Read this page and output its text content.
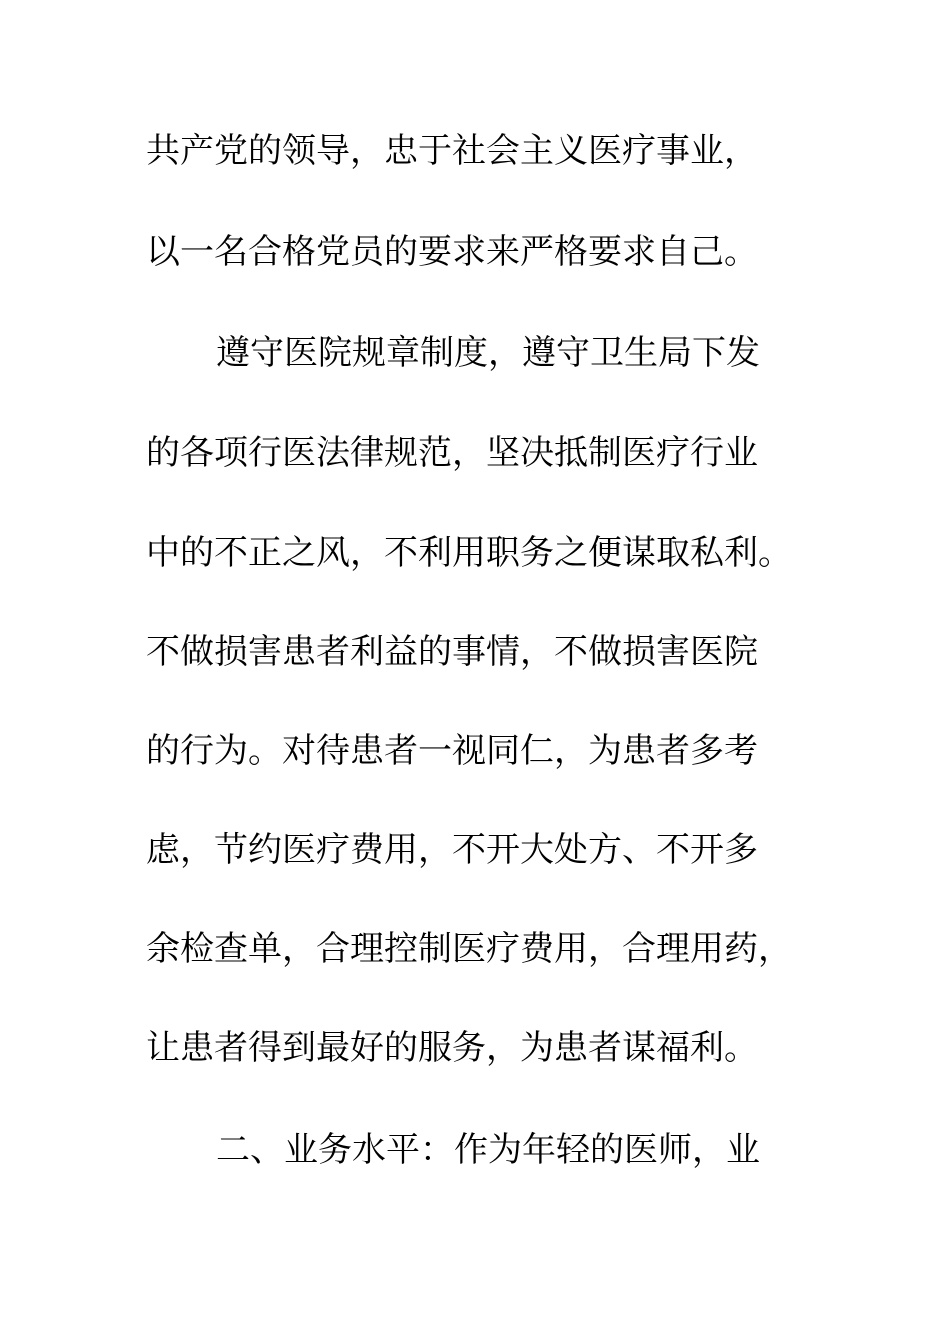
共产党的领导，忠于社会主义医疗事业，
以一名合格党员的要求来严格要求自己。
遵守医院规章制度，遵守卫生局下发
的各项行医法律规范，坚决抵制医疗行业
中的不正之风，不利用职务之便谋取私利。
不做损害患者利益的事情，不做损害医院
的行为。对待患者一视同仁，为患者多考
虑，节约医疗费用，不开大处方、不开多
余检查单，合理控制医疗费用，合理用药，
让患者得到最好的服务，为患者谋福利。
二、业务水平：作为年轻的医师，业
